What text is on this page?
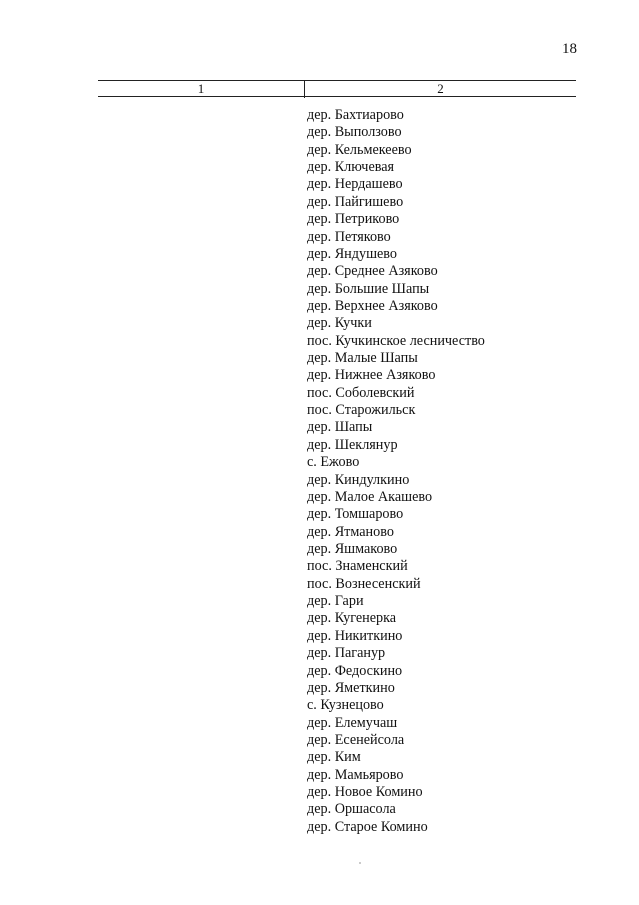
18
1	2
дер. Бахтиарово
дер. Выползово
дер. Кельмекеево
дер. Ключевая
дер. Нердашево
дер. Пайгишево
дер. Петриково
дер. Петяково
дер. Яндушево
дер. Среднее Азяково
дер. Большие Шапы
дер. Верхнее Азяково
дер. Кучки
пос. Кучкинское лесничество
дер. Малые Шапы
дер. Нижнее Азяково
пос. Соболевский
пос. Старожильск
дер. Шапы
дер. Шеклянур
с. Ежово
дер. Киндулкино
дер. Малое Акашево
дер. Томшарово
дер. Ятманово
дер. Яшмаково
пос. Знаменский
пос. Вознесенский
дер. Гари
дер. Кугенерка
дер. Никиткино
дер. Паганур
дер. Федоскино
дер. Яметкино
с. Кузнецово
дер. Елемучаш
дер. Есенейсола
дер. Ким
дер. Мамьярово
дер. Новое Комино
дер. Оршасола
дер. Старое Комино
